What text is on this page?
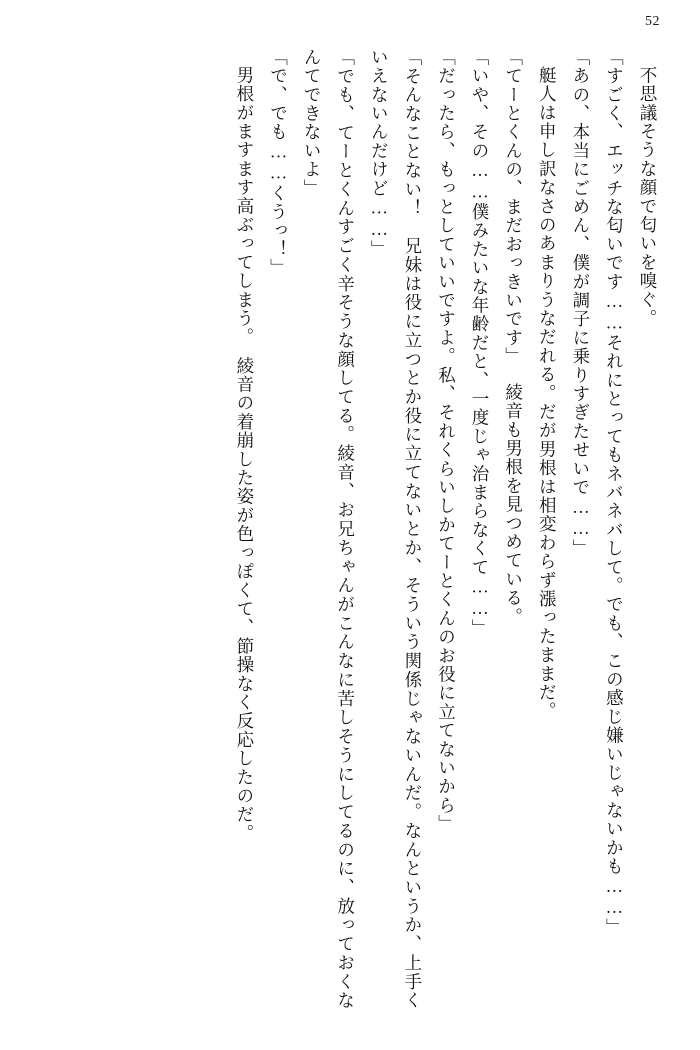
52

不思議そうな顔で匂いを嗅ぐ。

「すごく、エッチな匂いです……それにとってもネバネバして。でも、この感じ嫌いじゃないかも……」

「あの、本当にごめん、僕が調子に乗りすぎたせいで……」

艇人は申し訳なさのあまりうなだれる。だが男根は相変わらず漲ったままだ。

「てーとくんの、まだおっきいです」

綾音も男根を見つめている。

「いや、その……僕みたいな年齢だと、一度じゃ治まらなくて……」

「だったら、もっとしていいですよ。私、それくらいしかてーとくんのお役に立てないから」

「そんなことない！　兄妹は役に立つとか役に立てないとか、そういう関係じゃないんだ。なんというか、上手くいえないんだけど……」

「でも、てーとくんすごく辛そうな顔してる。綾音、お兄ちゃんがこんなに苦しそうにしてるのに、放っておくなんてできないよ」

「で、でも……くうっ！」

男根がますます高ぶってしまう。　綾音の着崩した姿が色っぽくて、節操なく反応したのだ。
